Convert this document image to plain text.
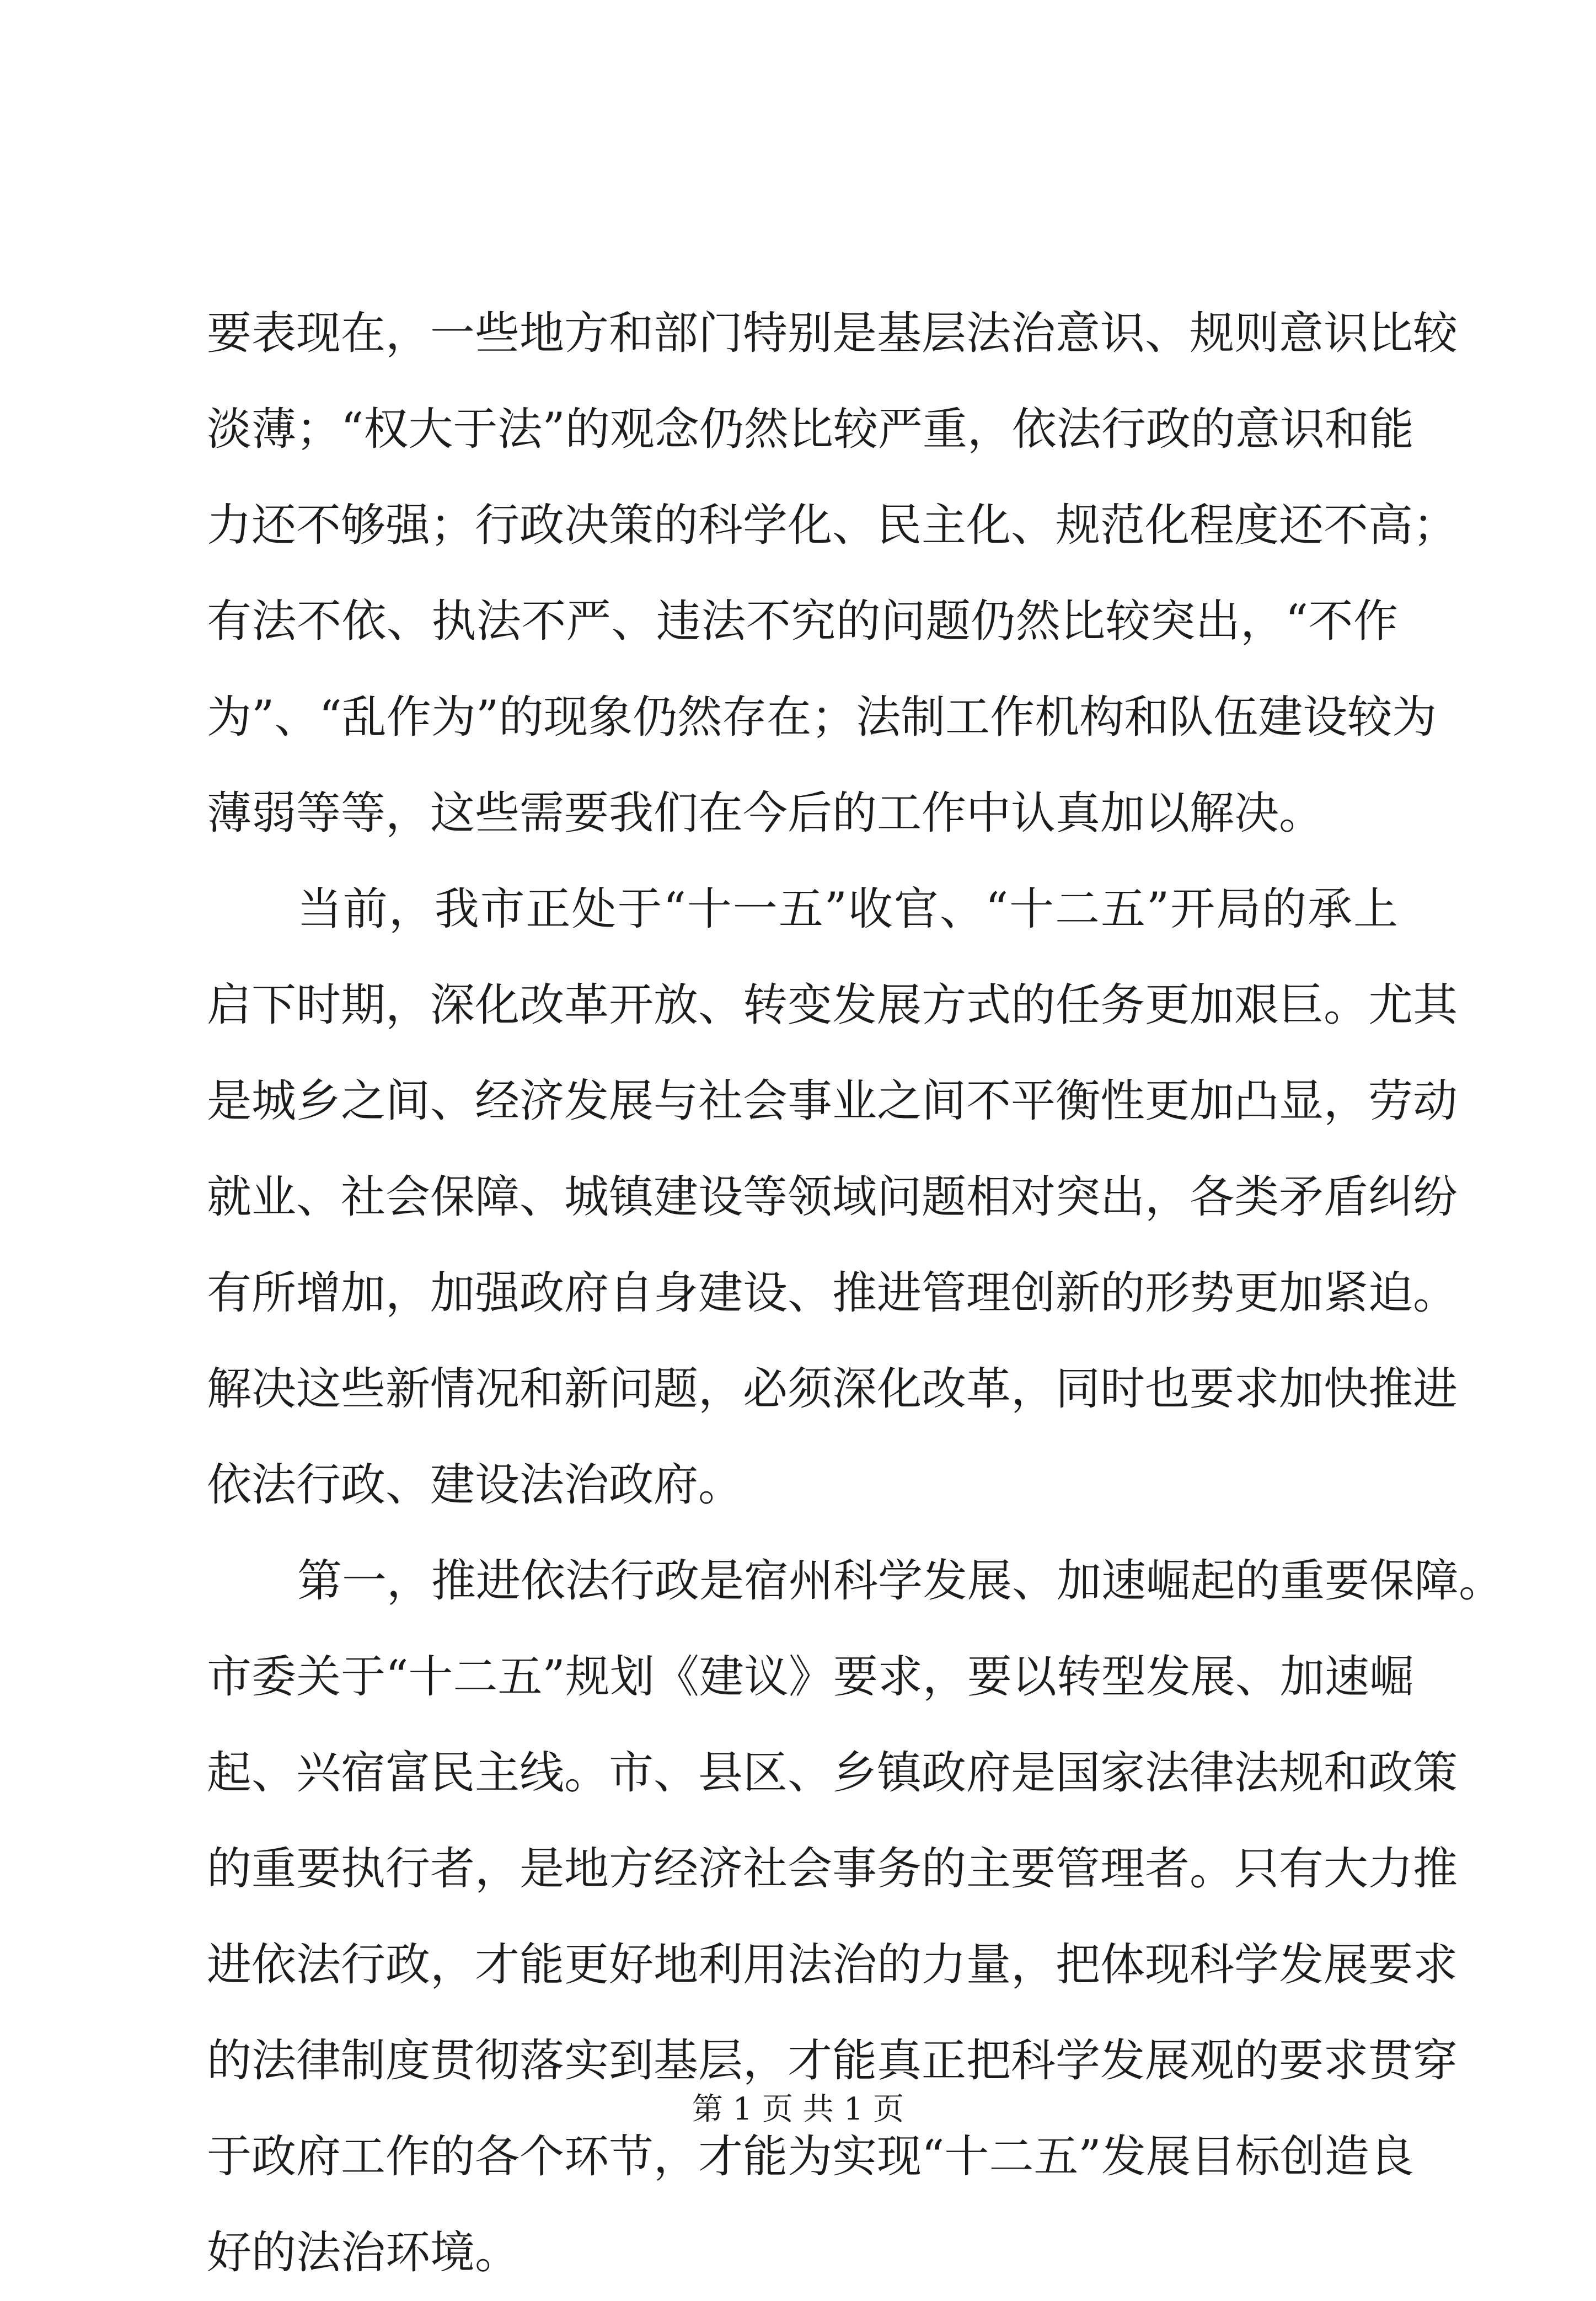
要表现在，一些地方和部门特别是基层法治意识、规则意识比较
淡薄；“权大于法”的观念仍然比较严重，依法行政的意识和能
力还不够强；行政决策的科学化、民主化、规范化程度还不高；
有法不依、执法不严、违法不究的问题仍然比较突出，“不作
为”、“乱作为”的现象仍然存在；法制工作机构和队伍建设较为
薄弱等等，这些需要我们在今后的工作中认真加以解决。
当前，我市正处于“十一五”收官、“十二五”开局的承上
启下时期，深化改革开放、转变发展方式的任务更加艰巨。尤其
是城乡之间、经济发展与社会事业之间不平衡性更加凸显，劳动
就业、社会保障、城镇建设等领域问题相对突出，各类矛盾纠纷
有所增加，加强政府自身建设、推进管理创新的形势更加紧迫。
解决这些新情况和新问题，必须深化改革，同时也要求加快推进
依法行政、建设法治政府。
第一，推进依法行政是宿州科学发展、加速崛起的重要保障。
市委关于“十二五”规划《建议》要求，要以转型发展、加速崛
起、兴宿富民主线。市、县区、乡镇政府是国家法律法规和政策
的重要执行者，是地方经济社会事务的主要管理者。只有大力推
进依法行政，才能更好地利用法治的力量，把体现科学发展要求
的法律制度贯彻落实到基层，才能真正把科学发展观的要求贯穿
于政府工作的各个环节，才能为实现“十二五”发展目标创造良
好的法治环境。
第 1 页 共 1 页
